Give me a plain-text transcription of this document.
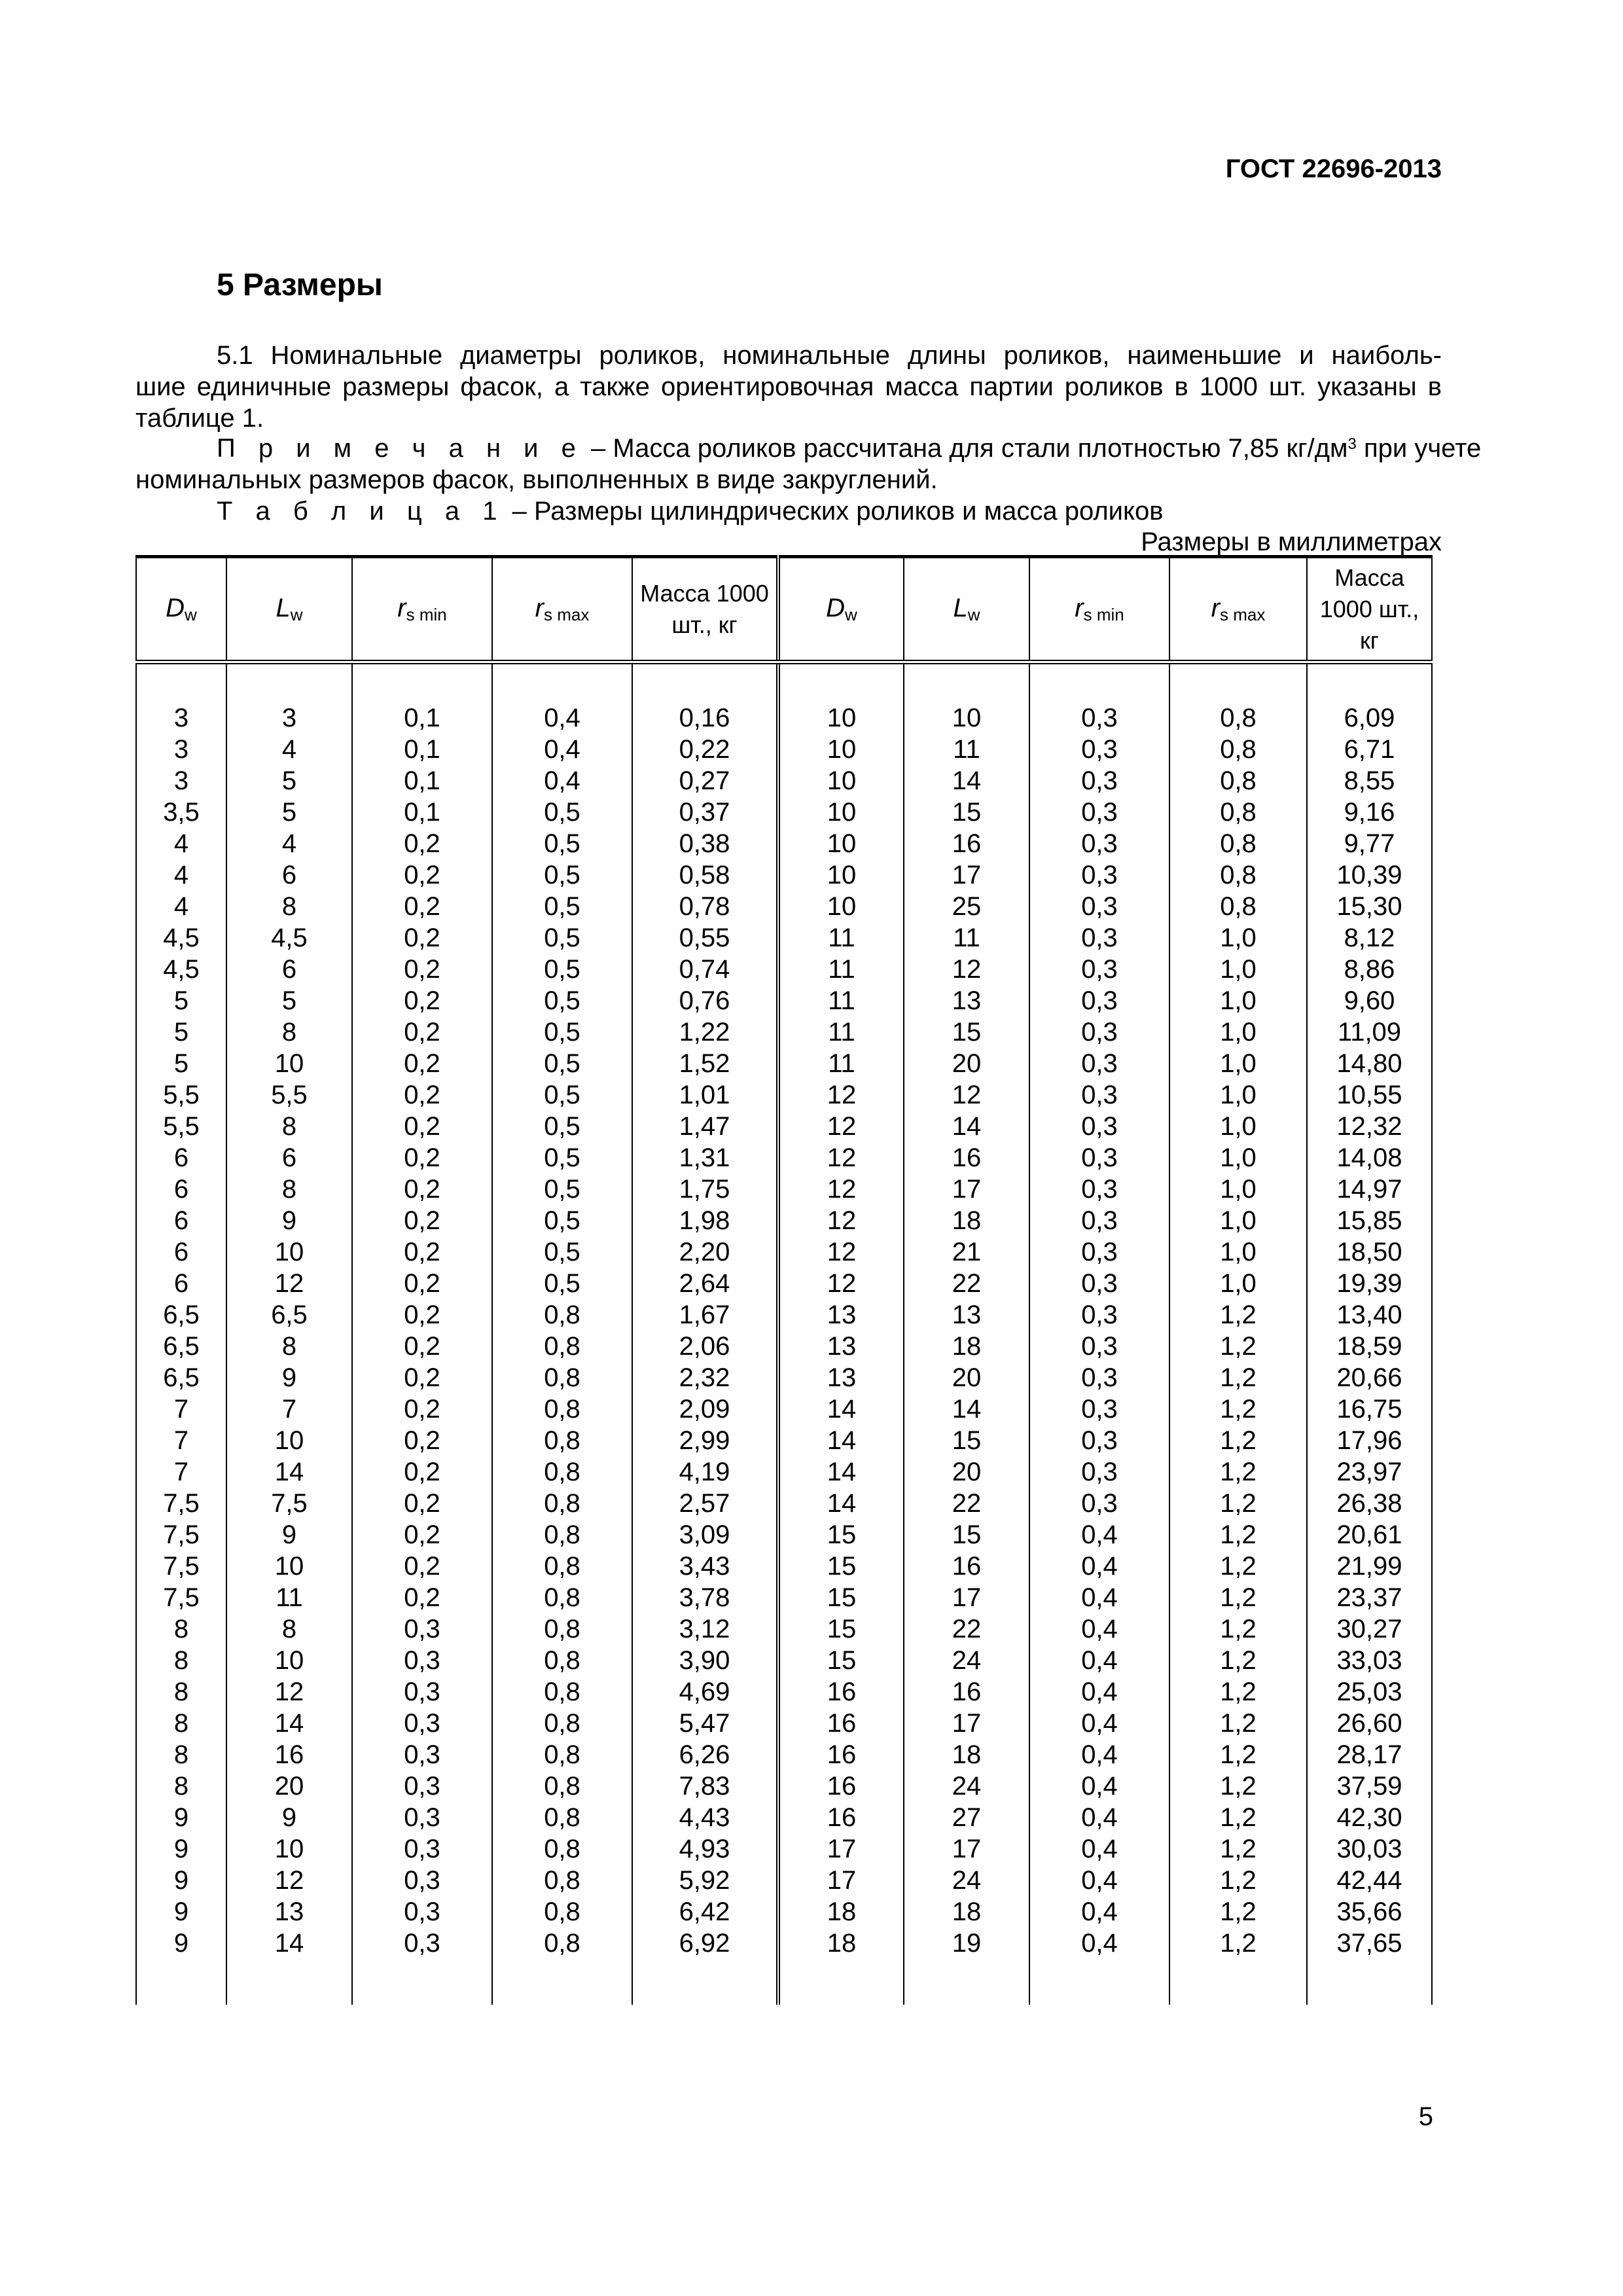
ГОСТ 22696-2013
5 Размеры
5.1 Номинальные диаметры роликов, номинальные длины роликов, наименьшие и наиболь-
шие единичные размеры фасок, а также ориентировочная масса партии роликов в 1000 шт. указаны в
таблице 1.
П р и м е ч а н и е – Масса роликов рассчитана для стали плотностью 7,85 $кг/дм^3$ при учете
номинальных размеров фасок, выполненных в виде закруглений.
Т а б л и ц а 1 – Размеры цилиндрических роликов и масса роликов
Размеры в миллиметрах
$D_w$	$L_w$	$r_{s min}$	$r_{s max}$	Масса 1000 шт., кг	$D_w$	$L_w$	$r_{s min}$	$r_{s max}$	Масса 1000 шт., кг

3	3	0,1	0,4	0,16	10	10	0,3	0,8	6,09
3	4	0,1	0,4	0,22	10	11	0,3	0,8	6,71
3	5	0,1	0,4	0,27	10	14	0,3	0,8	8,55
3,5	5	0,1	0,5	0,37	10	15	0,3	0,8	9,16
4	4	0,2	0,5	0,38	10	16	0,3	0,8	9,77
4	6	0,2	0,5	0,58	10	17	0,3	0,8	10,39
4	8	0,2	0,5	0,78	10	25	0,3	0,8	15,30
4,5	4,5	0,2	0,5	0,55	11	11	0,3	1,0	8,12
4,5	6	0,2	0,5	0,74	11	12	0,3	1,0	8,86
5	5	0,2	0,5	0,76	11	13	0,3	1,0	9,60
5	8	0,2	0,5	1,22	11	15	0,3	1,0	11,09
5	10	0,2	0,5	1,52	11	20	0,3	1,0	14,80
5,5	5,5	0,2	0,5	1,01	12	12	0,3	1,0	10,55
5,5	8	0,2	0,5	1,47	12	14	0,3	1,0	12,32
6	6	0,2	0,5	1,31	12	16	0,3	1,0	14,08
6	8	0,2	0,5	1,75	12	17	0,3	1,0	14,97
6	9	0,2	0,5	1,98	12	18	0,3	1,0	15,85
6	10	0,2	0,5	2,20	12	21	0,3	1,0	18,50
6	12	0,2	0,5	2,64	12	22	0,3	1,0	19,39
6,5	6,5	0,2	0,8	1,67	13	13	0,3	1,2	13,40
6,5	8	0,2	0,8	2,06	13	18	0,3	1,2	18,59
6,5	9	0,2	0,8	2,32	13	20	0,3	1,2	20,66
7	7	0,2	0,8	2,09	14	14	0,3	1,2	16,75
7	10	0,2	0,8	2,99	14	15	0,3	1,2	17,96
7	14	0,2	0,8	4,19	14	20	0,3	1,2	23,97
7,5	7,5	0,2	0,8	2,57	14	22	0,3	1,2	26,38
7,5	9	0,2	0,8	3,09	15	15	0,4	1,2	20,61
7,5	10	0,2	0,8	3,43	15	16	0,4	1,2	21,99
7,5	11	0,2	0,8	3,78	15	17	0,4	1,2	23,37
8	8	0,3	0,8	3,12	15	22	0,4	1,2	30,27
8	10	0,3	0,8	3,90	15	24	0,4	1,2	33,03
8	12	0,3	0,8	4,69	16	16	0,4	1,2	25,03
8	14	0,3	0,8	5,47	16	17	0,4	1,2	26,60
8	16	0,3	0,8	6,26	16	18	0,4	1,2	28,17
8	20	0,3	0,8	7,83	16	24	0,4	1,2	37,59
9	9	0,3	0,8	4,43	16	27	0,4	1,2	42,30
9	10	0,3	0,8	4,93	17	17	0,4	1,2	30,03
9	12	0,3	0,8	5,92	17	24	0,4	1,2	42,44
9	13	0,3	0,8	6,42	18	18	0,4	1,2	35,66
9	14	0,3	0,8	6,92	18	19	0,4	1,2	37,65

5
